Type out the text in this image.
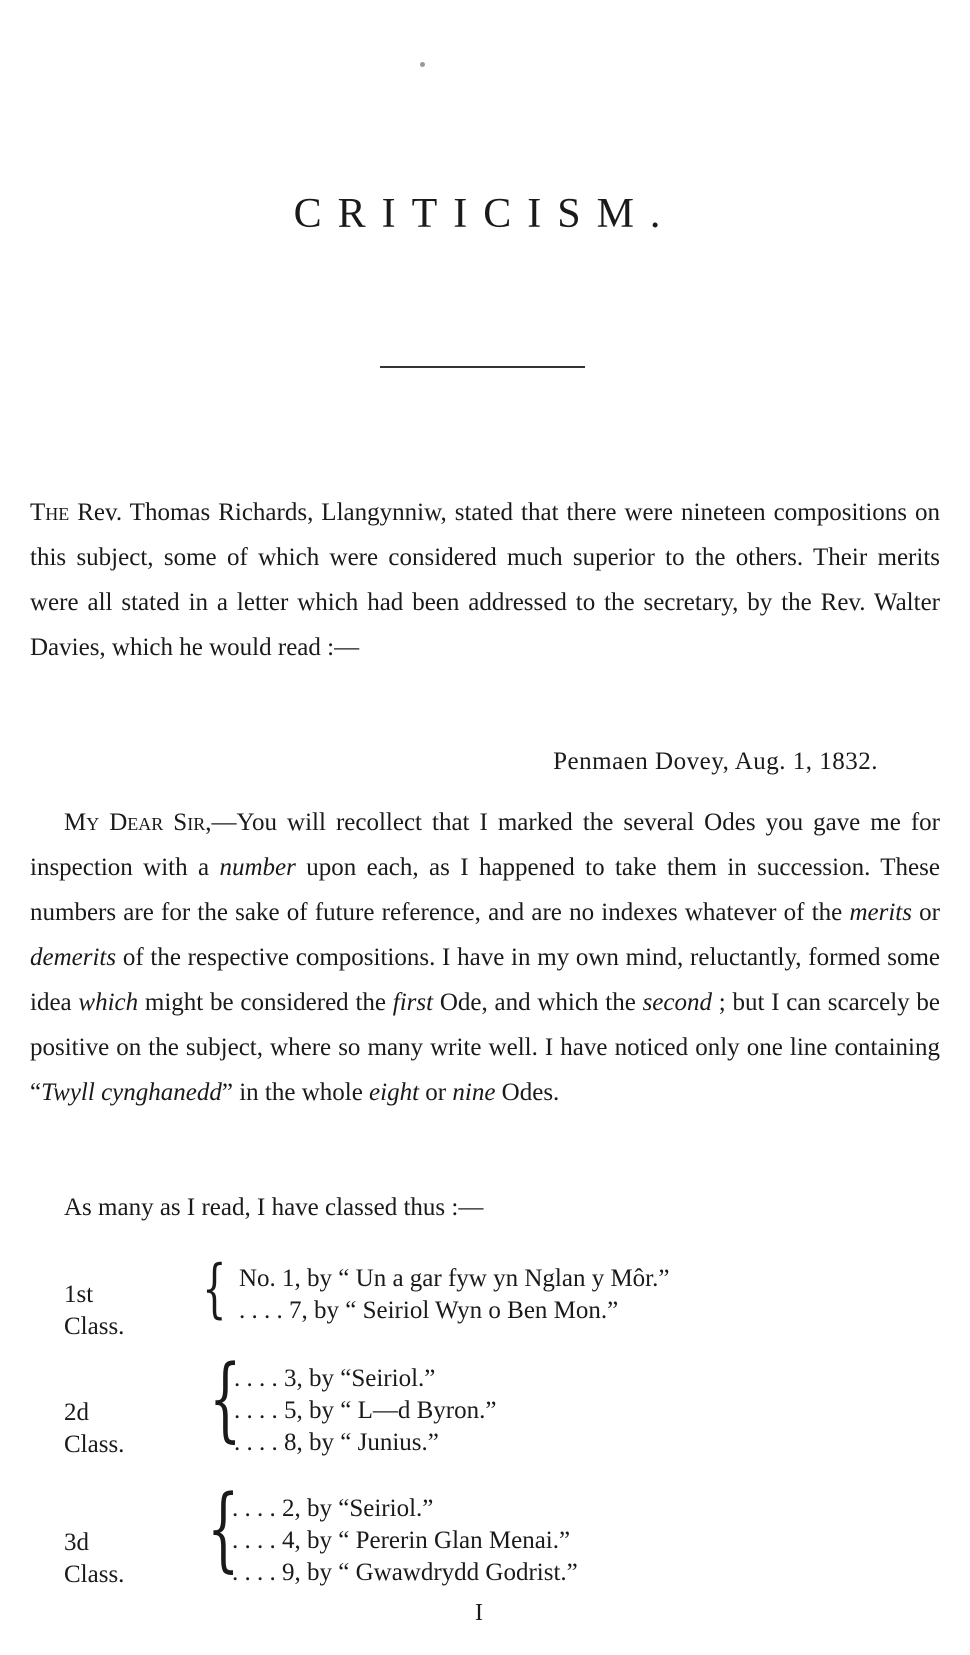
CRITICISM.
The Rev. Thomas Richards, Llangynniw, stated that there were nineteen compositions on this subject, some of which were considered much superior to the others. Their merits were all stated in a letter which had been addressed to the secretary, by the Rev. Walter Davies, which he would read :—
Penmaen Dovey, Aug. 1, 1832.
My Dear Sir,—You will recollect that I marked the several Odes you gave me for inspection with a number upon each, as I happened to take them in succession. These numbers are for the sake of future reference, and are no indexes whatever of the merits or demerits of the respective compositions. I have in my own mind, reluctantly, formed some idea which might be considered the first Ode, and which the second ; but I can scarcely be positive on the subject, where so many write well. I have noticed only one line containing “Twyll cynghanedd” in the whole eight or nine Odes.
As many as I read, I have classed thus :—
1st Class.
{ No. 1, by “ Un a gar fyw yn Nglan y Môr.”
. . . . 7, by “ Seiriol Wyn o Ben Mon.”
2d Class. {
. . . . 3, by “Seiriol.”
. . . . 5, by “ L—d Byron.”
. . . . 8, by “ Junius.”
3d Class. {
. . . . 2, by “Seiriol.”
. . . . 4, by “ Pererin Glan Menai.”
. . . . 9, by “ Gwawdrydd Godrist.”
I
